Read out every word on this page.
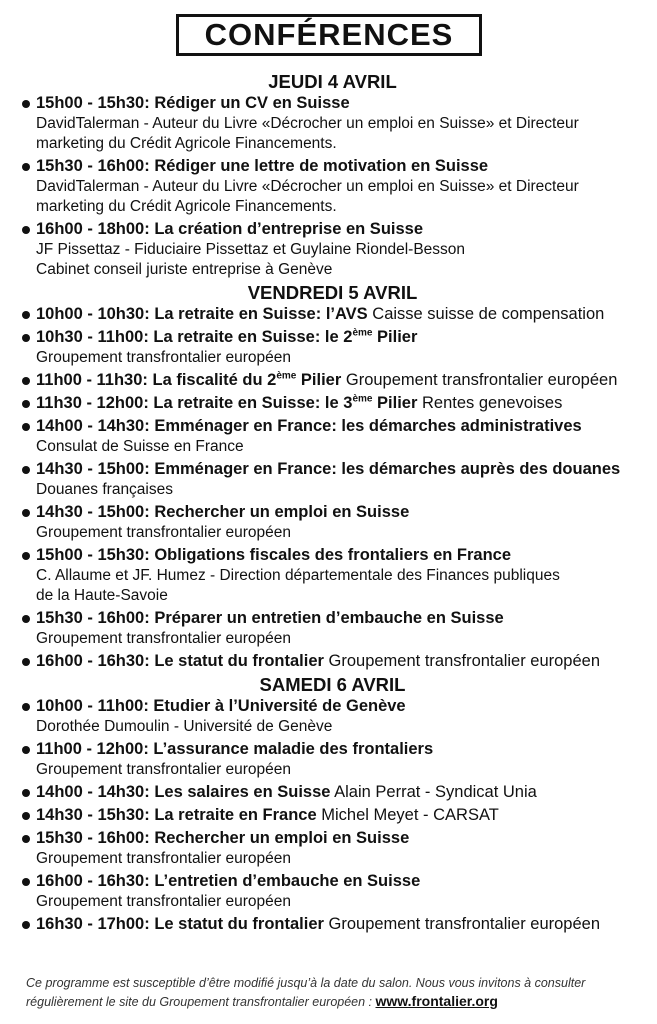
CONFÉRENCES
JEUDI 4 AVRIL
15h00 - 15h30: Rédiger un CV en Suisse
DavidTalerman - Auteur du Livre «Décrocher un emploi en Suisse» et Directeur
marketing du Crédit Agricole Financements.
15h30 - 16h00: Rédiger une lettre de motivation en Suisse
DavidTalerman - Auteur du Livre «Décrocher un emploi en Suisse» et Directeur
marketing du Crédit Agricole Financements.
16h00 - 18h00: La création d’entreprise en Suisse
JF Pissettaz - Fiduciaire Pissettaz et Guylaine Riondel-Besson
Cabinet conseil juriste entreprise à Genève
VENDREDI 5 AVRIL
10h00 - 10h30: La retraite en Suisse: l’AVS Caisse suisse de compensation
10h30 - 11h00: La retraite en Suisse: le 2ème Pilier
Groupement transfrontalier européen
11h00 - 11h30: La fiscalité du 2ème Pilier Groupement transfrontalier européen
11h30 - 12h00: La retraite en Suisse: le 3ème Pilier Rentes genevoises
14h00 - 14h30: Emménager en France: les démarches administratives
Consulat de Suisse en France
14h30 - 15h00: Emménager en France: les démarches auprès des douanes
Douanes françaises
14h30 - 15h00: Rechercher un emploi en Suisse
Groupement transfrontalier européen
15h00 - 15h30: Obligations fiscales des frontaliers en France
C. Allaume et JF. Humez - Direction départementale des Finances publiques
de la Haute-Savoie
15h30 - 16h00: Préparer un entretien d’embauche en Suisse
Groupement transfrontalier européen
16h00 - 16h30: Le statut du frontalier Groupement transfrontalier européen
SAMEDI 6 AVRIL
10h00 - 11h00: Etudier à l’Université de Genève
Dorothée Dumoulin - Université de Genève
11h00 - 12h00: L’assurance maladie des frontaliers
Groupement transfrontalier européen
14h00 - 14h30: Les salaires en Suisse Alain Perrat - Syndicat Unia
14h30 - 15h30: La retraite en France Michel Meyet - CARSAT
15h30 - 16h00: Rechercher un emploi en Suisse
Groupement transfrontalier européen
16h00 - 16h30: L’entretien d’embauche en Suisse
Groupement transfrontalier européen
16h30 - 17h00: Le statut du frontalier Groupement transfrontalier européen
Ce programme est susceptible d’être modifié jusqu’à la date du salon. Nous vous invitons à consulter
régulièrement le site du Groupement transfrontalier européen : www.frontalier.org
